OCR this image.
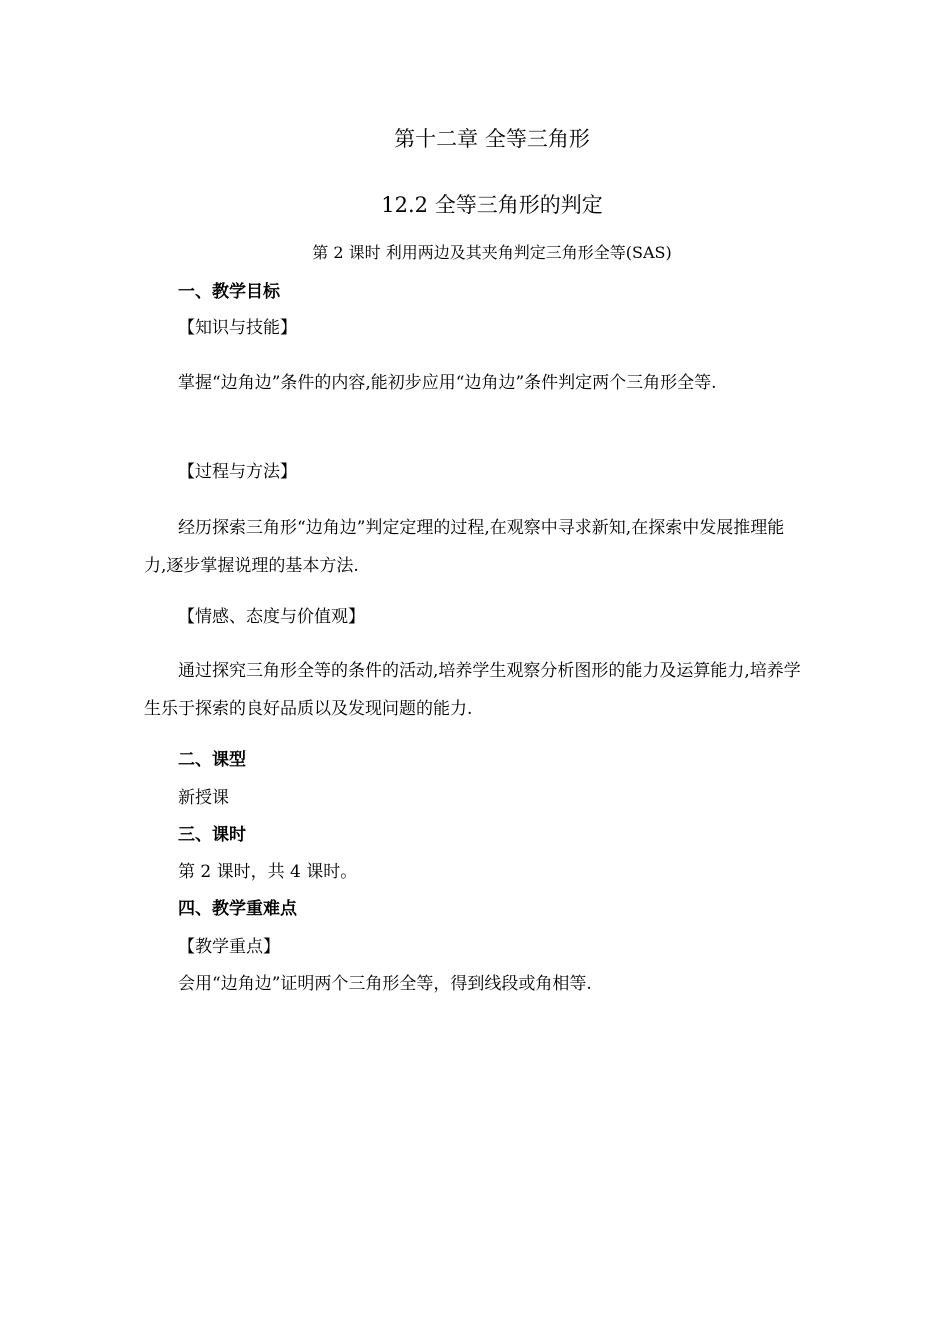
第十二章 全等三角形
12.2 全等三角形的判定
第 2 课时 利用两边及其夹角判定三角形全等(SAS)
一、教学目标
【知识与技能】
掌握“边角边”条件的内容,能初步应用“边角边”条件判定两个三角形全等.
【过程与方法】
经历探索三角形“边角边”判定定理的过程,在观察中寻求新知,在探索中发展推理能力,逐步掌握说理的基本方法.
【情感、态度与价值观】
通过探究三角形全等的条件的活动,培养学生观察分析图形的能力及运算能力,培养学生乐于探索的良好品质以及发现问题的能力.
二、课型
新授课
三、课时
第 2 课时，共 4 课时。
四、教学重难点
【教学重点】
会用“边角边”证明两个三角形全等，得到线段或角相等.
